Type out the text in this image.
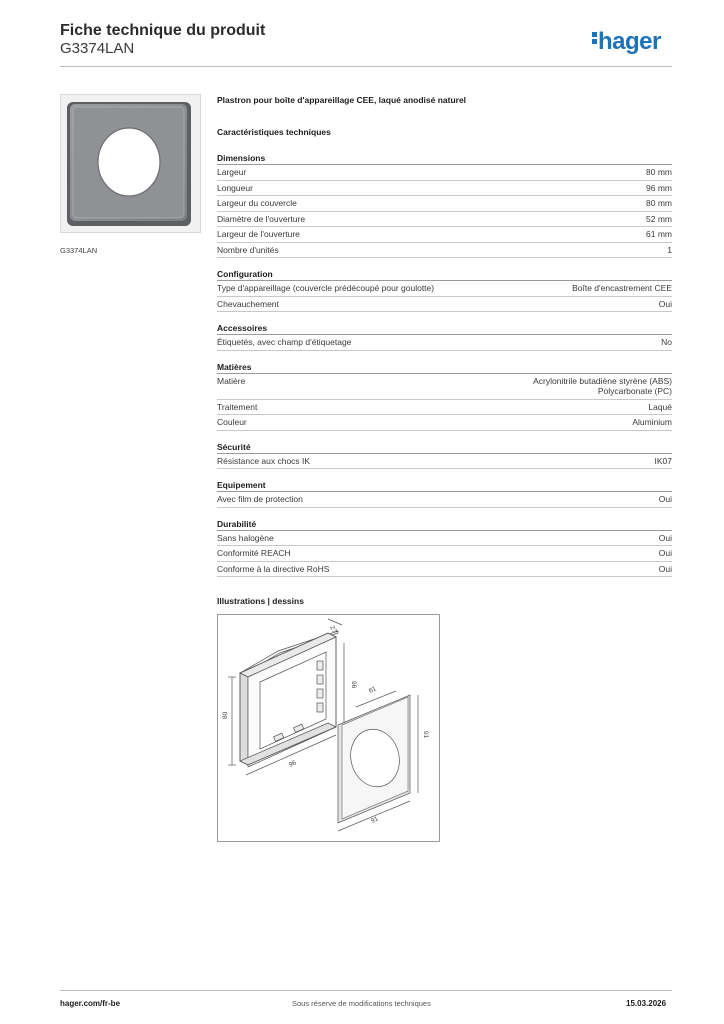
Fiche technique du produit
G3374LAN	hager
G3374LAN
Plastron pour boîte d'appareillage CEE, laqué anodisé naturel
Caractéristiques techniques
Dimensions
Largeur	80 mm
Longueur	96 mm
Largeur du couvercle	80 mm
Diamètre de l'ouverture	52 mm
Largeur de l'ouverture	61 mm
Nombre d'unités	1
Configuration
Type d'appareillage (couvercle prédécoupé pour goulotte)	Boîte d'encastrement CEE
Chevauchement	Oui
Accessoires
Étiquetés, avec champ d'étiquetage	No
Matières
Matière	Acrylonitrile butadiène styrène (ABS)
Polycarbonate (PC)
Traitement	Laqué
Couleur	Aluminium
Sécurité
Résistance aux chocs IK	IK07
Equipement
Avec film de protection	Oui
Durabilité
Sans halogène	Oui
Conformité REACH	Oui
Conforme à la directive RoHS	Oui
Illustrations | dessins
27
80
96
96
61
91
91
hager.com/fr-be	Sous réserve de modifications techniques	15.03.2026
